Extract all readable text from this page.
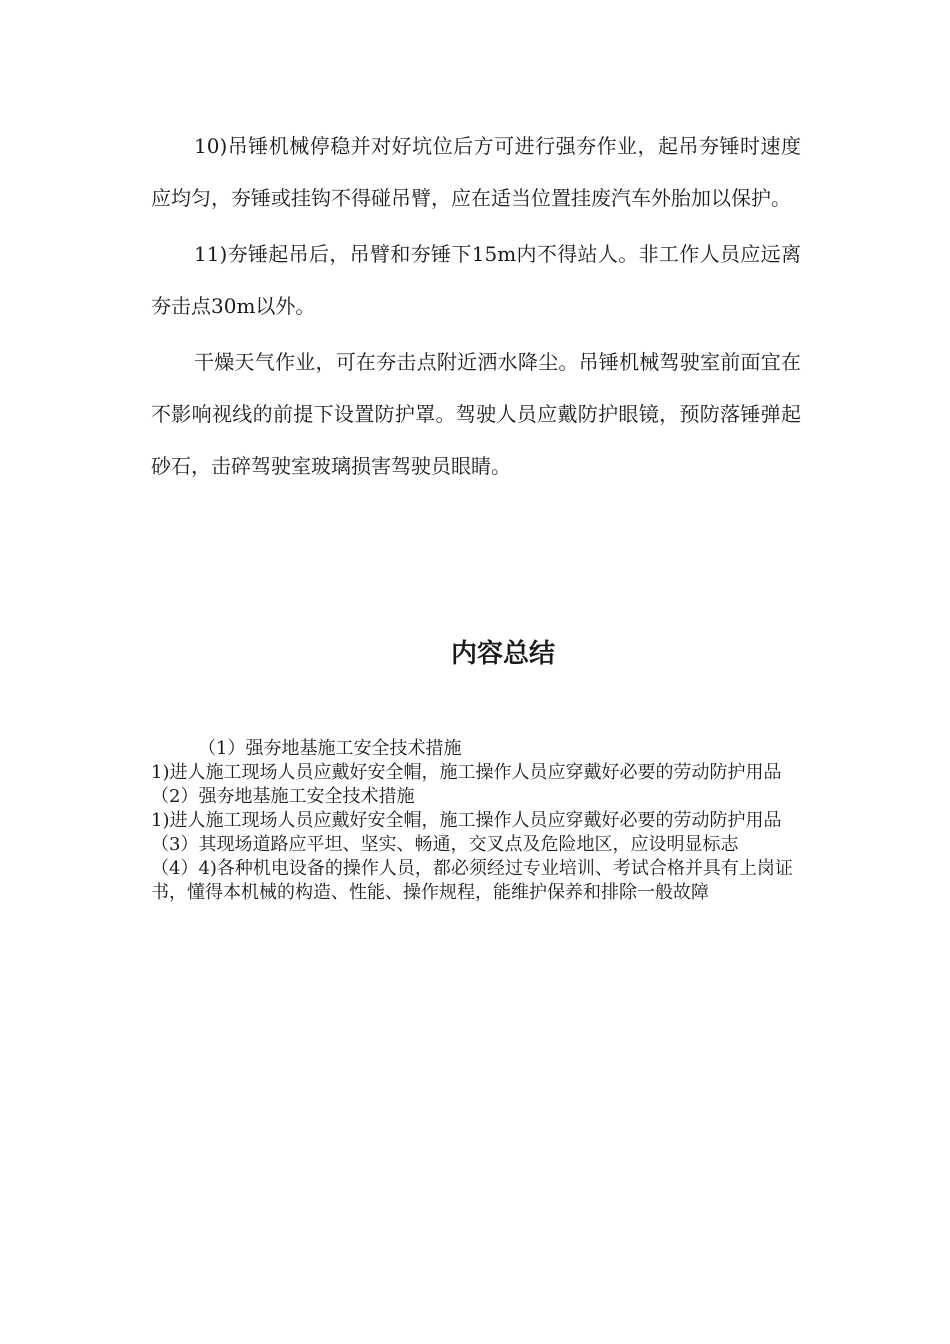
10)吊锤机械停稳并对好坑位后方可进行强夯作业，起吊夯锤时速度应均匀，夯锤或挂钩不得碰吊臂，应在适当位置挂废汽车外胎加以保护。

11)夯锤起吊后，吊臂和夯锤下15m内不得站人。非工作人员应远离夯击点30m以外。

干燥天气作业，可在夯击点附近洒水降尘。吊锤机械驾驶室前面宜在不影响视线的前提下设置防护罩。驾驶人员应戴防护眼镜，预防落锤弹起砂石，击碎驾驶室玻璃损害驾驶员眼睛。

内容总结

（1）强夯地基施工安全技术措施

1)进人施工现场人员应戴好安全帽，施工操作人员应穿戴好必要的劳动防护用品

（2）强夯地基施工安全技术措施

1)进人施工现场人员应戴好安全帽，施工操作人员应穿戴好必要的劳动防护用品

（3）其现场道路应平坦、坚实、畅通，交叉点及危险地区，应设明显标志

（4）4)各种机电设备的操作人员，都必须经过专业培训、考试合格并具有上岗证书，懂得本机械的构造、性能、操作规程，能维护保养和排除一般故障
